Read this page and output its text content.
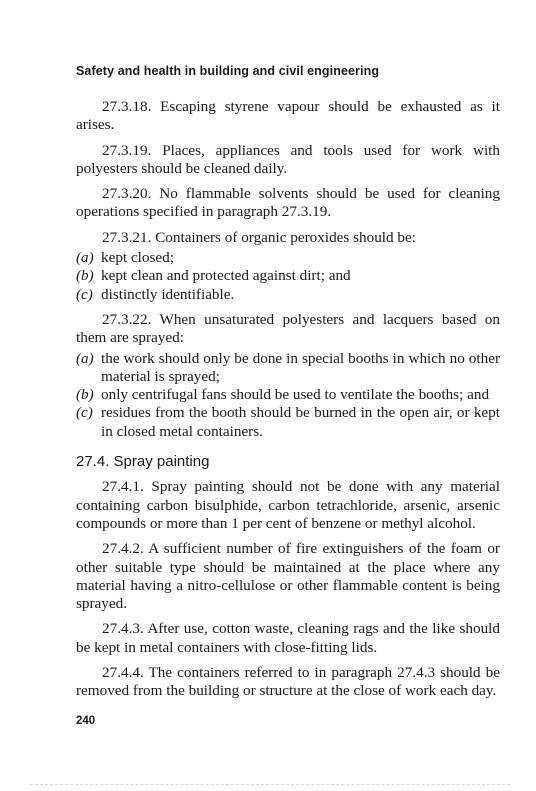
Safety and health in building and civil engineering

27.3.18. Escaping styrene vapour should be exhausted as it arises.

27.3.19. Places, appliances and tools used for work with polyesters should be cleaned daily.

27.3.20. No flammable solvents should be used for cleaning operations specified in paragraph 27.3.19.

27.3.21. Containers of organic peroxides should be:

(a) kept closed;
(b) kept clean and protected against dirt; and
(c) distinctly identifiable.

27.3.22. When unsaturated polyesters and lacquers based on them are sprayed:

(a) the work should only be done in special booths in which no other material is sprayed;
(b) only centrifugal fans should be used to ventilate the booths; and
(c) residues from the booth should be burned in the open air, or kept in closed metal containers.
27.4. Spray painting

27.4.1. Spray painting should not be done with any material containing carbon bisulphide, carbon tetrachloride, arsenic, arsenic compounds or more than 1 per cent of benzene or methyl alcohol.

27.4.2. A sufficient number of fire extinguishers of the foam or other suitable type should be maintained at the place where any material having a nitro-cellulose or other flammable content is being sprayed.

27.4.3. After use, cotton waste, cleaning rags and the like should be kept in metal containers with close-fitting lids.

27.4.4. The containers referred to in paragraph 27.4.3 should be removed from the building or structure at the close of work each day.

240
